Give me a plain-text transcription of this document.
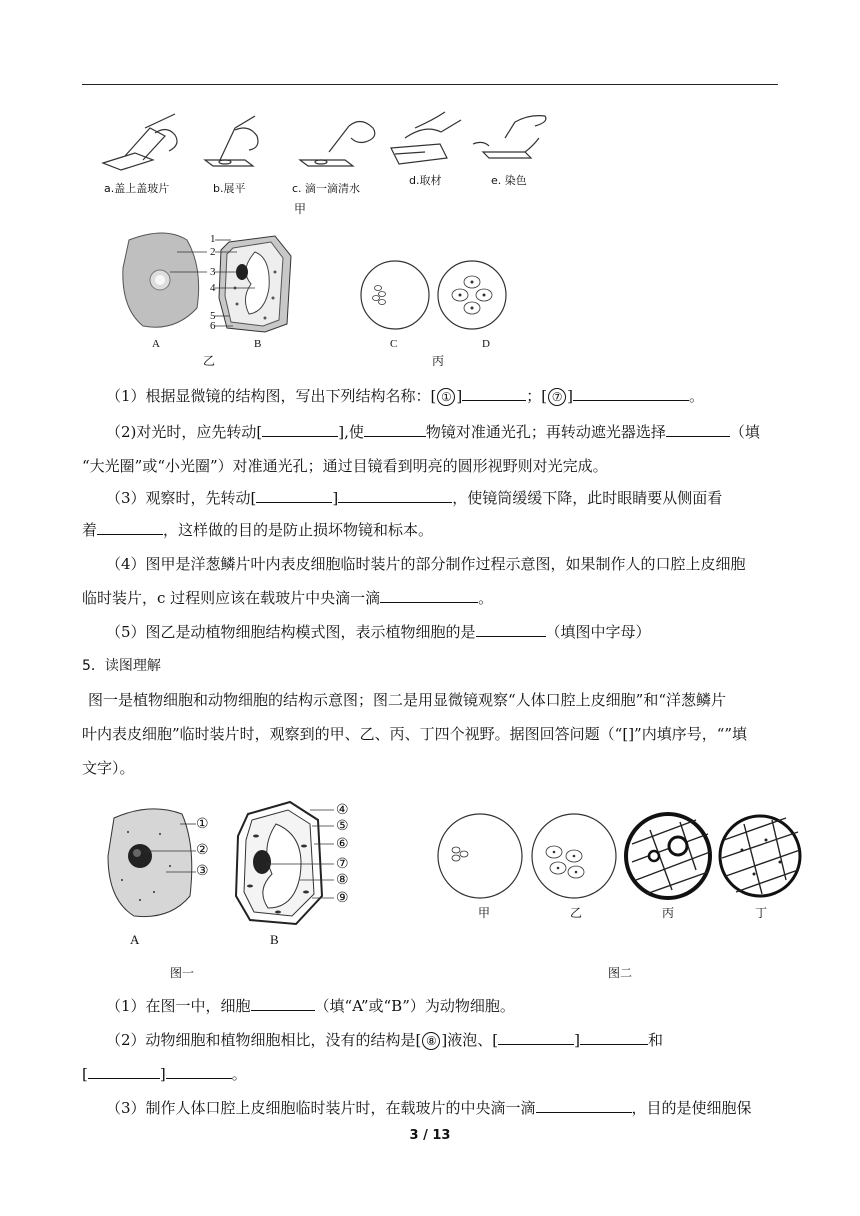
a.盖上盖玻片	b.展平	c. 滴一滴清水
d.取材	e. 染色
甲
1
2
3
4
5
6
A	B
乙
C	D
丙
（1）根据显微镜的结构图，写出下列结构名称：[ ① ]	；[ ⑦ ]	。
（2)对光时，应先转动[	],使	物镜对准通光孔；再转动遮光器选择	（填
“大光圈”或“小光圈”）对准通光孔；通过目镜看到明亮的圆形视野则对光完成。
（3）观察时，先转动[	]	，使镜筒缓缓下降，此时眼睛要从侧面看
着	，这样做的目的是防止损坏物镜和标本。
（4）图甲是洋葱鳞片叶内表皮细胞临时装片的部分制作过程示意图，如果制作人的口腔上皮细胞
临时装片，c 过程则应该在载玻片中央滴一滴	。
（5）图乙是动植物细胞结构模式图，表示植物细胞的是	（填图中字母）
5．读图理解
图一是植物细胞和动物细胞的结构示意图；图二是用显微镜观察“人体口腔上皮细胞”和“洋葱鳞片
叶内表皮细胞”临时装片时，观察到的甲、乙、丙、丁四个视野。据图回答问题（“[]”内填序号，“”填
文字）。
①
②
③
④
⑤
⑥
⑦
⑧
⑨
A	B
图一
甲	乙	丙	丁
图二
（1）在图一中，细胞	（填“A”或“B”）为动物细胞。
（2）动物细胞和植物细胞相比，没有的结构是[ ⑧ ]液泡、[	]	和
[	]	。
（3）制作人体口腔上皮细胞临时装片时，在载玻片的中央滴一滴	，目的是使细胞保
3 / 13
